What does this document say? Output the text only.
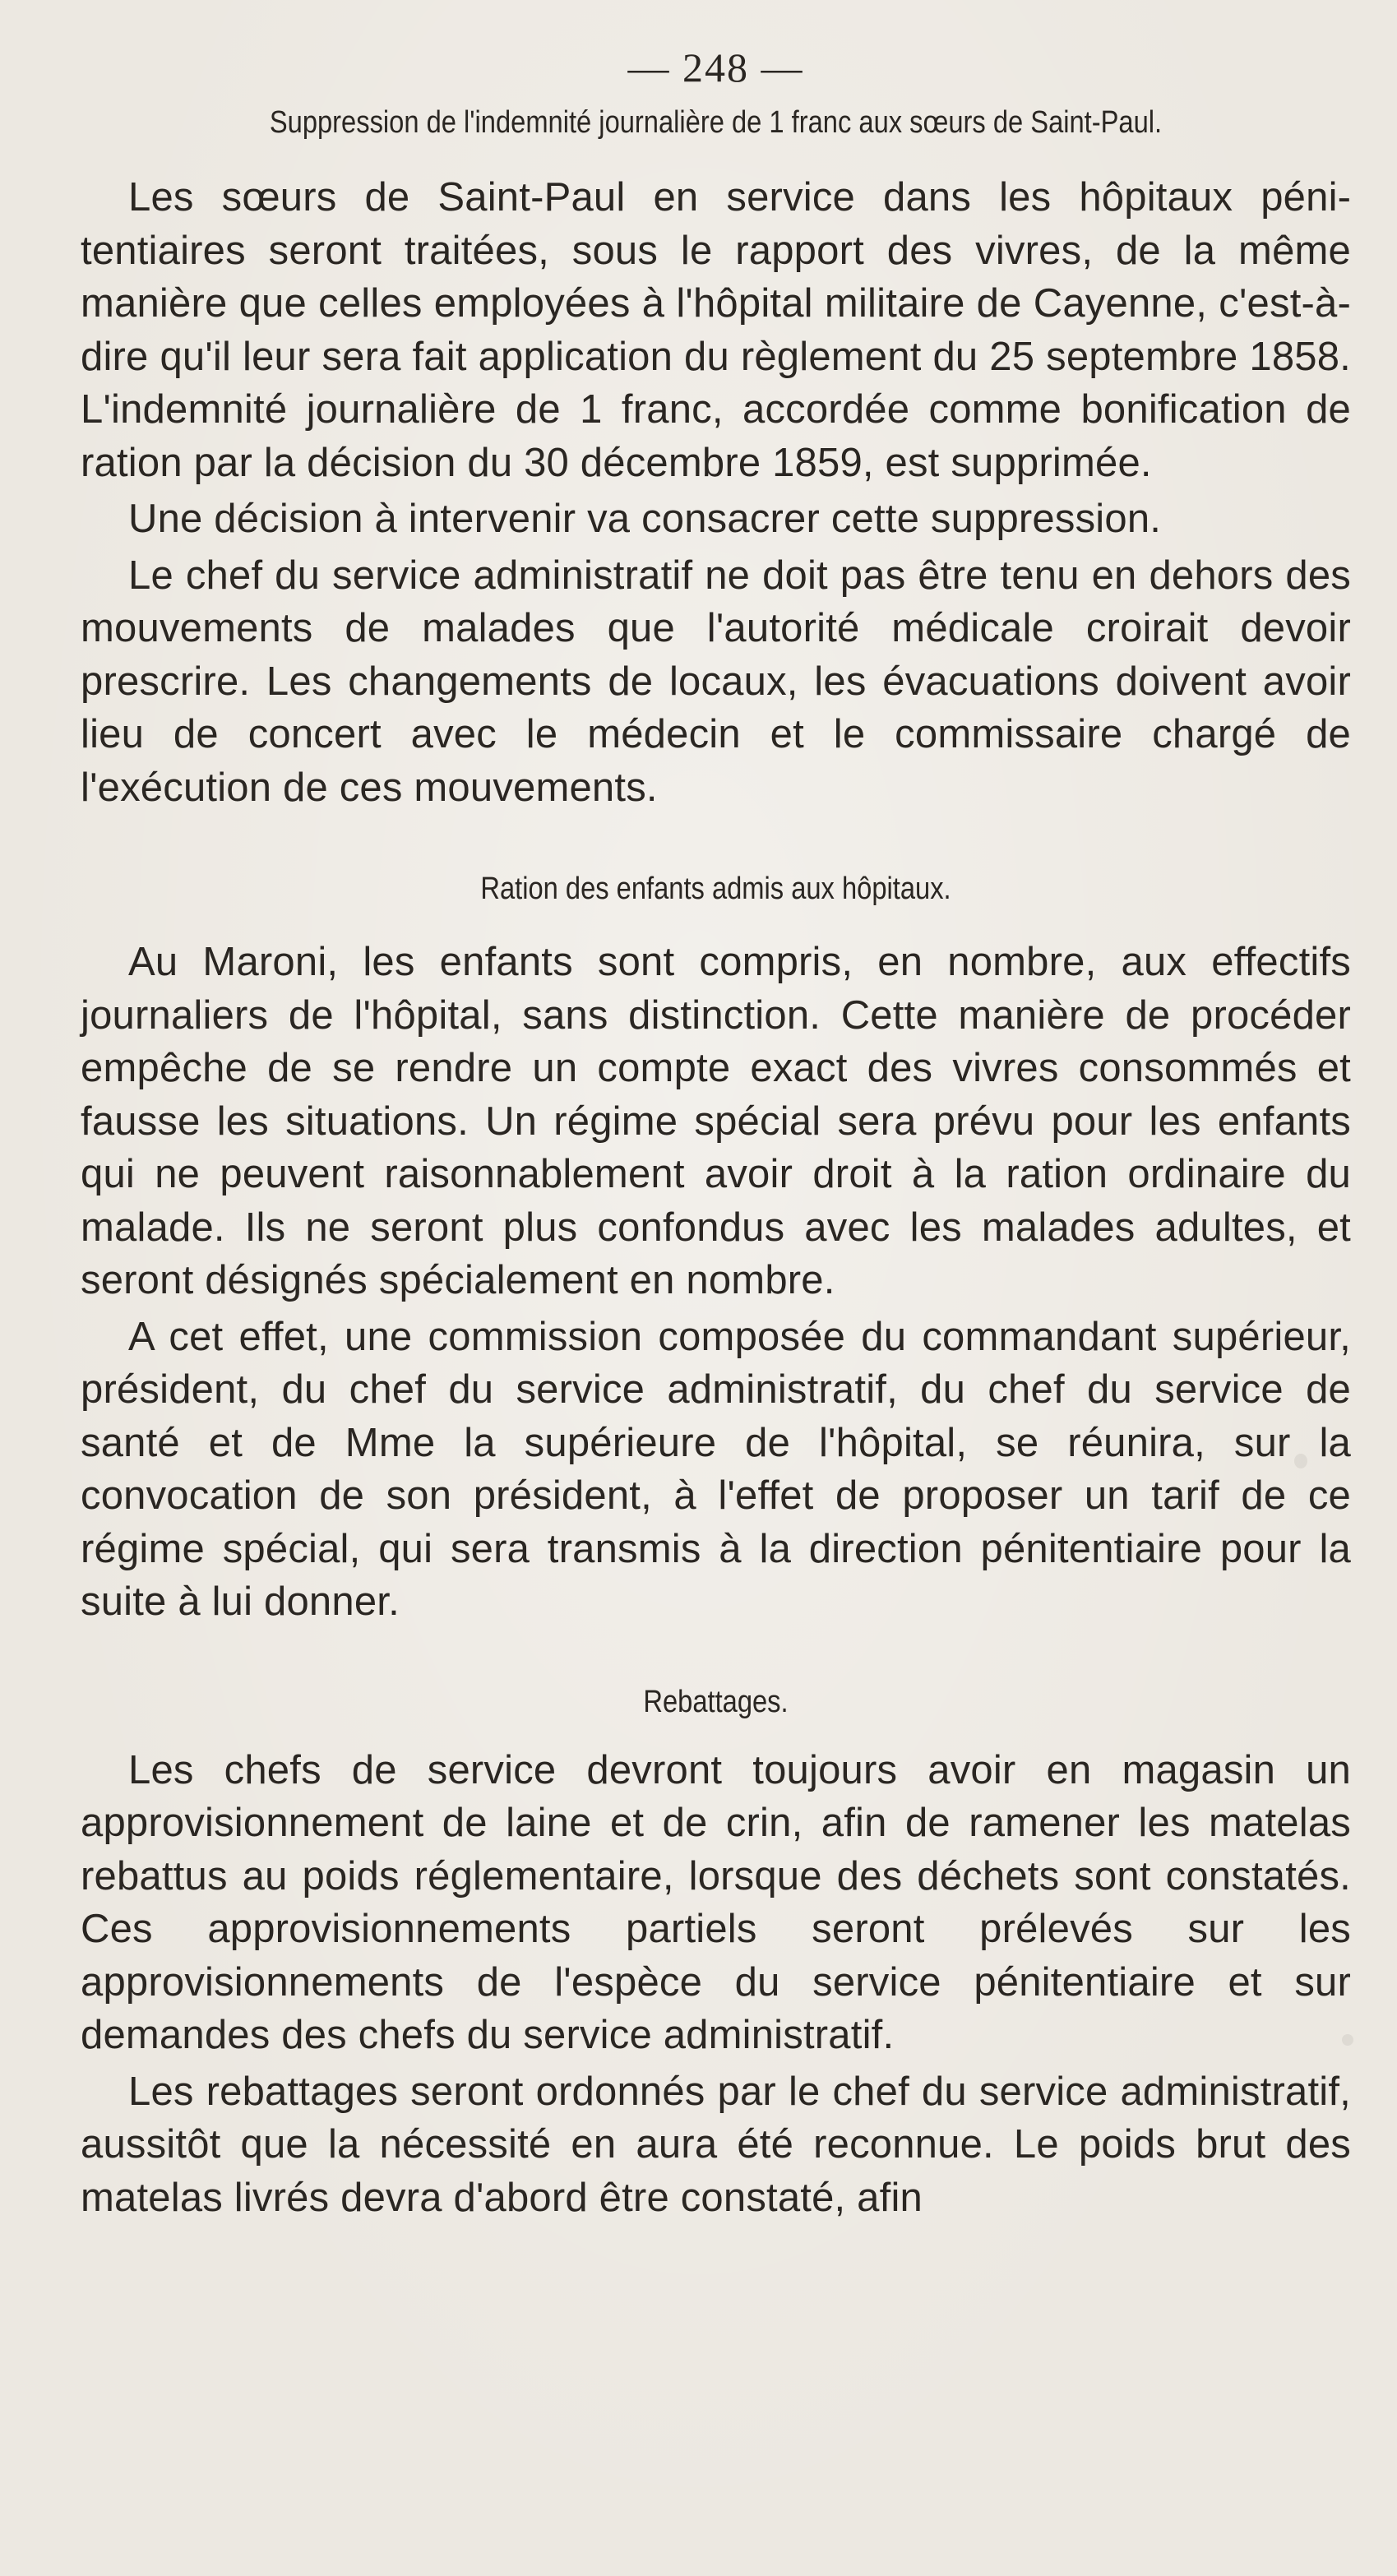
— 248 —

Suppression de l'indemnité journalière de 1 franc aux sœurs de Saint-Paul.

Les sœurs de Saint-Paul en service dans les hôpitaux pénitentiaires seront traitées, sous le rapport des vivres, de la même manière que celles employées à l'hôpital militaire de Cayenne, c'est-à-dire qu'il leur sera fait application du règlement du 25 septembre 1858. L'indemnité journalière de 1 franc, accordée comme bonification de ration par la décision du 30 décembre 1859, est supprimée.

Une décision à intervenir va consacrer cette suppression.

Le chef du service administratif ne doit pas être tenu en dehors des mouvements de malades que l'autorité médicale croirait devoir prescrire. Les changements de locaux, les évacuations doivent avoir lieu de concert avec le médecin et le commissaire chargé de l'exécution de ces mouvements.

Ration des enfants admis aux hôpitaux.

Au Maroni, les enfants sont compris, en nombre, aux effectifs journaliers de l'hôpital, sans distinction. Cette manière de procéder empêche de se rendre un compte exact des vivres consommés et fausse les situations. Un régime spécial sera prévu pour les enfants qui ne peuvent raisonnablement avoir droit à la ration ordinaire du malade. Ils ne seront plus confondus avec les malades adultes, et seront désignés spécialement en nombre.

A cet effet, une commission composée du commandant supérieur, président, du chef du service administratif, du chef du service de santé et de Mme la supérieure de l'hôpital, se réunira, sur la convocation de son président, à l'effet de proposer un tarif de ce régime spécial, qui sera transmis à la direction pénitentiaire pour la suite à lui donner.

Rebattages.

Les chefs de service devront toujours avoir en magasin un approvisionnement de laine et de crin, afin de ramener les matelas rebattus au poids réglementaire, lorsque des déchets sont constatés. Ces approvisionnements partiels seront prélevés sur les approvisionnements de l'espèce du service pénitentiaire et sur demandes des chefs du service administratif.

Les rebattages seront ordonnés par le chef du service administratif, aussitôt que la nécessité en aura été reconnue. Le poids brut des matelas livrés devra d'abord être constaté, afin
